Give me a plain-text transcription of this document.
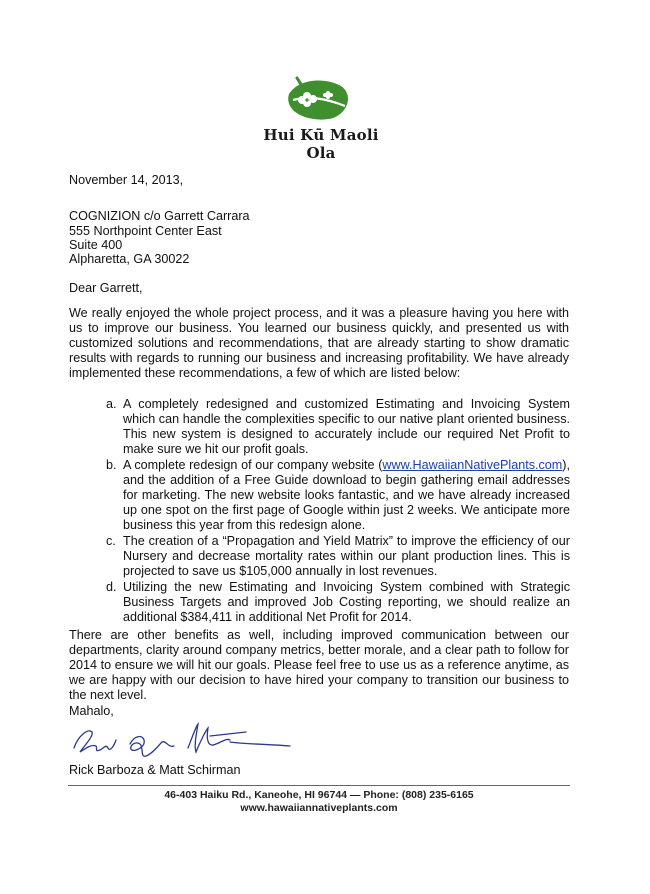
Hui Kū Maoli Ola
November 14, 2013,
COGNIZION c/o Garrett Carrara
555 Northpoint Center East
Suite 400
Alpharetta, GA 30022
Dear Garrett,
We really enjoyed the whole project process, and it was a pleasure having you here with us to improve our business. You learned our business quickly, and presented us with customized solutions and recommendations, that are already starting to show dramatic results with regards to running our business and increasing profitability. We have already implemented these recommendations, a few of which are listed below:
a. A completely redesigned and customized Estimating and Invoicing System which can handle the complexities specific to our native plant oriented business. This new system is designed to accurately include our required Net Profit to make sure we hit our profit goals.
b. A complete redesign of our company website (www.HawaiianNativePlants.com), and the addition of a Free Guide download to begin gathering email addresses for marketing. The new website looks fantastic, and we have already increased up one spot on the first page of Google within just 2 weeks. We anticipate more business this year from this redesign alone.
c. The creation of a “Propagation and Yield Matrix” to improve the efficiency of our Nursery and decrease mortality rates within our plant production lines. This is projected to save us $105,000 annually in lost revenues.
d. Utilizing the new Estimating and Invoicing System combined with Strategic Business Targets and improved Job Costing reporting, we should realize an additional $384,411 in additional Net Profit for 2014.
There are other benefits as well, including improved communication between our departments, clarity around company metrics, better morale, and a clear path to follow for 2014 to ensure we will hit our goals. Please feel free to use us as a reference anytime, as we are happy with our decision to have hired your company to transition our business to the next level.
Mahalo,
Rick Barboza & Matt Schirman
46-403 Haiku Rd., Kaneohe, HI 96744 — Phone: (808) 235-6165
www.hawaiiannativeplants.com
